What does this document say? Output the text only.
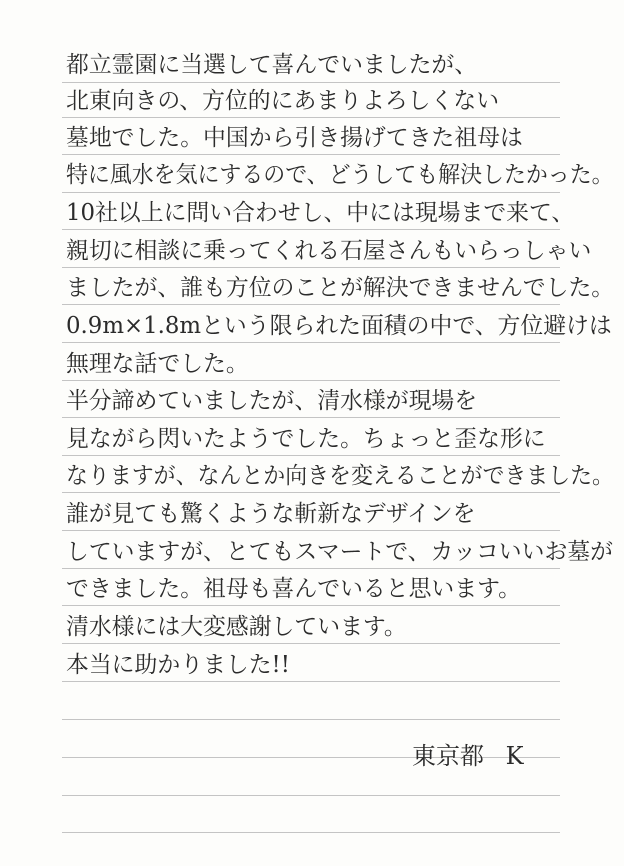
都立霊園に当選して喜んでいましたが、
北東向きの、方位的にあまりよろしくない
墓地でした。中国から引き揚げてきた祖母は
特に風水を気にするので、どうしても解決したかった。
10社以上に問い合わせし、中には現場まで来て、
親切に相談に乗ってくれる石屋さんもいらっしゃい
ましたが、誰も方位のことが解決できませんでした。
0.9m×1.8mという限られた面積の中で、方位避けは
無理な話でした。
半分諦めていましたが、清水様が現場を
見ながら閃いたようでした。ちょっと歪な形に
なりますが、なんとか向きを変えることができました。
誰が見ても驚くような斬新なデザインを
していますが、とてもスマートで、カッコいいお墓が
できました。祖母も喜んでいると思います。
清水様には大変感謝しています。
本当に助かりました!!
東京都 K
